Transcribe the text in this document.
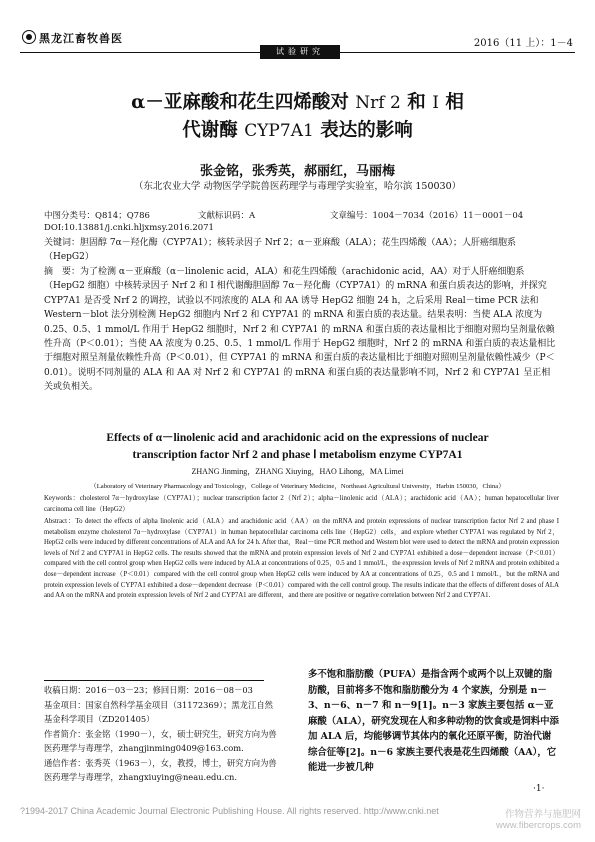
黑龙江畜牧兽医
试验研究
2016（11 上）：1－4
α－亚麻酸和花生四烯酸对 Nrf 2 和 Ⅰ 相
代谢酶 CYP7A1 表达的影响
张金铭，张秀英，郝丽红，马丽梅
（东北农业大学 动物医学学院兽医药理学与毒理学实验室，哈尔滨 150030）
中图分类号：Q814；Q786	文献标识码：A	文章编号：1004－7034（2016）11－0001－04
DOI:10.13881/j.cnki.hljxmsy.2016.2071
关键词：胆固醇 7α－羟化酶（CYP7A1）；核转录因子 Nrf 2；α－亚麻酸（ALA）；花生四烯酸（AA）；人肝癌细胞系（HepG2）
摘　要：为了检测 α－亚麻酸（α－linolenic acid，ALA）和花生四烯酸（arachidonic acid，AA）对于人肝癌细胞系（HepG2 细胞）中核转录因子 Nrf 2 和 Ⅰ 相代谢酶胆固醇 7α－羟化酶（CYP7A1）的 mRNA 和蛋白质表达的影响，并探究 CYP7A1 是否受 Nrf 2 的调控，试验以不同浓度的 ALA 和 AA 诱导 HepG2 细胞 24 h，之后采用 Real－time PCR 法和 Western－blot 法分别检测 HepG2 细胞内 Nrf 2 和 CYP7A1 的 mRNA 和蛋白质的表达量。结果表明：当使 ALA 浓度为 0.25、0.5、1 mmol/L 作用于 HepG2 细胞时，Nrf 2 和 CYP7A1 的 mRNA 和蛋白质的表达量相比于细胞对照均呈剂量依赖性升高（P＜0.01）；当使 AA 浓度为 0.25、0.5、1 mmol/L 作用于 HepG2 细胞时，Nrf 2 的 mRNA 和蛋白质的表达量相比于细胞对照呈剂量依赖性升高（P＜0.01），但 CYP7A1 的 mRNA 和蛋白质的表达量相比于细胞对照则呈剂量依赖性减少（P＜0.01）。说明不同剂量的 ALA 和 AA 对 Nrf 2 和 CYP7A1 的 mRNA 和蛋白质的表达量影响不同，Nrf 2 和 CYP7A1 呈正相关或负相关。
Effects of α－linolenic acid and arachidonic acid on the expressions of nuclear
transcription factor Nrf 2 and phase Ⅰ metabolism enzyme CYP7A1
ZHANG Jinming，ZHANG Xiuying，HAO Lihong，MA Limei
（Laboratory of Veterinary Pharmacology and Toxicology，College of Veterinary Medicine，Northeast Agricultural University，Harbin 150030，China）
Keywords：cholesterol 7α－hydroxylase（CYP7A1）；nuclear transcription factor 2（Nrf 2）；alpha－linolenic acid（ALA）；arachidonic acid（AA）；human hepatocellular liver carcinoma cell line（HepG2）
Abstract：To detect the effects of alpha linolenic acid（ALA）and arachidonic acid（AA）on the mRNA and protein expressions of nuclear transcription factor Nrf 2 and phase I metabolism enzyme cholesterol 7α－hydroxylase（CYP7A1）in human hepatocellular carcinoma cells line（HepG2）cells，and explore whether CYP7A1 was regulated by Nrf 2，HepG2 cells were induced by different concentrations of ALA and AA for 24 h. After that，Real－time PCR method and Western blot were used to detect the mRNA and protein expression levels of Nrf 2 and CYP7A1 in HepG2 cells. The results showed that the mRNA and protein expression levels of Nrf 2 and CYP7A1 exhibited a dose－dependent increase（P＜0.01）compared with the cell control group when HepG2 cells were induced by ALA at concentrations of 0.25，0.5 and 1 mmol/L，the expression levels of Nrf 2 mRNA and protein exhibited a dose－dependent increase（P＜0.01）compared with the cell control group when HepG2 cells were induced by AA at concentrations of 0.25，0.5 and 1 mmol/L，but the mRNA and protein expression levels of CYP7A1 exhibited a dose－dependent decrease（P＜0.01）compared with the cell control group. The results indicate that the effects of different doses of ALA and AA on the mRNA and protein expression levels of Nrf 2 and CYP7A1 are different，and there are positive or negative correlation between Nrf 2 and CYP7A1.
收稿日期：2016－03－23；修回日期：2016－08－03
基金项目：国家自然科学基金项目（31172369）；黑龙江自然
基金科学项目（ZD201405）
作者简介：张金铭（1990－），女，硕士研究生，研究方向为兽
医药理学与毒理学，zhangjinming0409@163.com.
通信作者：张秀英（1963－），女，教授，博士，研究方向为兽
医药理学与毒理学，zhangxiuying@neau.edu.cn.
多不饱和脂肪酸（PUFA）是指含两个或两个以上双键的脂肪酸，目前将多不饱和脂肪酸分为 4 个家族，分别是 n－3、n－6、n－7 和 n－9[1]。n－3 家族主要包括 α－亚麻酸（ALA），研究发现在人和多种动物的饮食或是饲料中添加 ALA 后，均能够调节其体内的氧化还原平衡，防治代谢综合征等[2]。n－6 家族主要代表是花生四烯酸（AA），它能进一步被几种
·1·
?1994-2017 China Academic Journal Electronic Publishing House. All rights reserved. http://www.cnki.net	作物营养与施肥网
www.fibercrops.com
